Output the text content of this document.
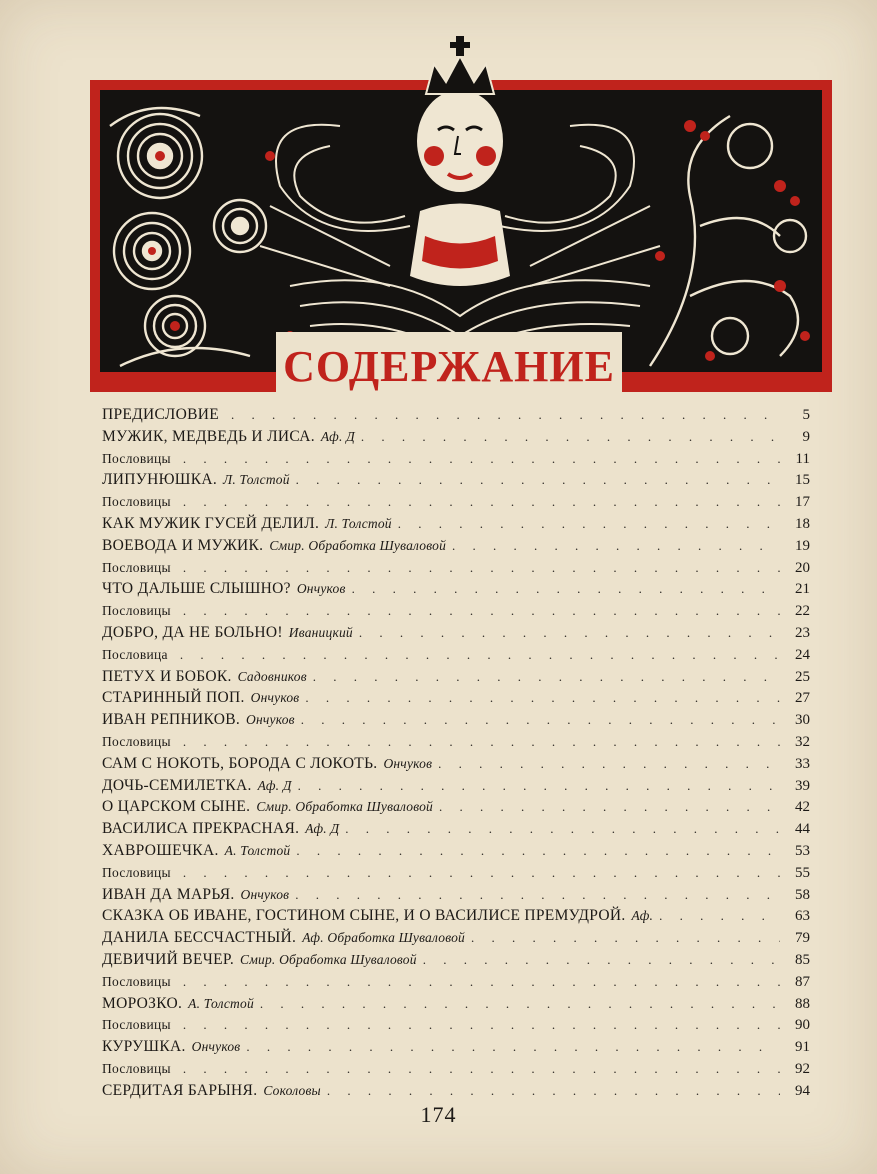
СОДЕРЖАНИЕ
ПРЕДИСЛОВИЕ . . .	5
МУЖИК, МЕДВЕДЬ И ЛИСА. Аф. Д . . .	9
Пословицы . . .	11
ЛИПУНЮШКА. Л. Толстой . . .	15
Пословицы . . .	17
КАК МУЖИК ГУСЕЙ ДЕЛИЛ. Л. Толстой . . .	18
ВОЕВОДА И МУЖИК. Смир. Обработка Шуваловой . . .	19
Пословицы . . .	20
ЧТО ДАЛЬШЕ СЛЫШНО? Ончуков . . .	21
Пословицы . . .	22
ДОБРО, ДА НЕ БОЛЬНО! Иваницкий . . .	23
Пословица . . .	24
ПЕТУХ И БОБОК. Садовников . . .	25
СТАРИННЫЙ ПОП. Ончуков . . .	27
ИВАН РЕПНИКОВ. Ончуков . . .	30
Пословицы . . .	32
САМ С НОКОТЬ, БОРОДА С ЛОКОТЬ. Ончуков . . .	33
ДОЧЬ-СЕМИЛЕТКА. Аф. Д . . .	39
О ЦАРСКОМ СЫНЕ. Смир. Обработка Шуваловой . . .	42
ВАСИЛИСА ПРЕКРАСНАЯ. Аф. Д . . .	44
ХАВРОШЕЧКА. А. Толстой . . .	53
Пословицы . . .	55
ИВАН ДА МАРЬЯ. Ончуков . . .	58
СКАЗКА ОБ ИВАНЕ, ГОСТИНОМ СЫНЕ, И О ВАСИЛИСЕ ПРЕМУДРОЙ. Аф. . . .	63
ДАНИЛА БЕССЧАСТНЫЙ. Аф. Обработка Шуваловой . . .	79
ДЕВИЧИЙ ВЕЧЕР. Смир. Обработка Шуваловой . . .	85
Пословицы . . .	87
МОРОЗКО. А. Толстой . . .	88
Пословицы . . .	90
КУРУШКА. Ончуков . . .	91
Пословицы . . .	92
СЕРДИТАЯ БАРЫНЯ. Соколовы . . .	94
174
